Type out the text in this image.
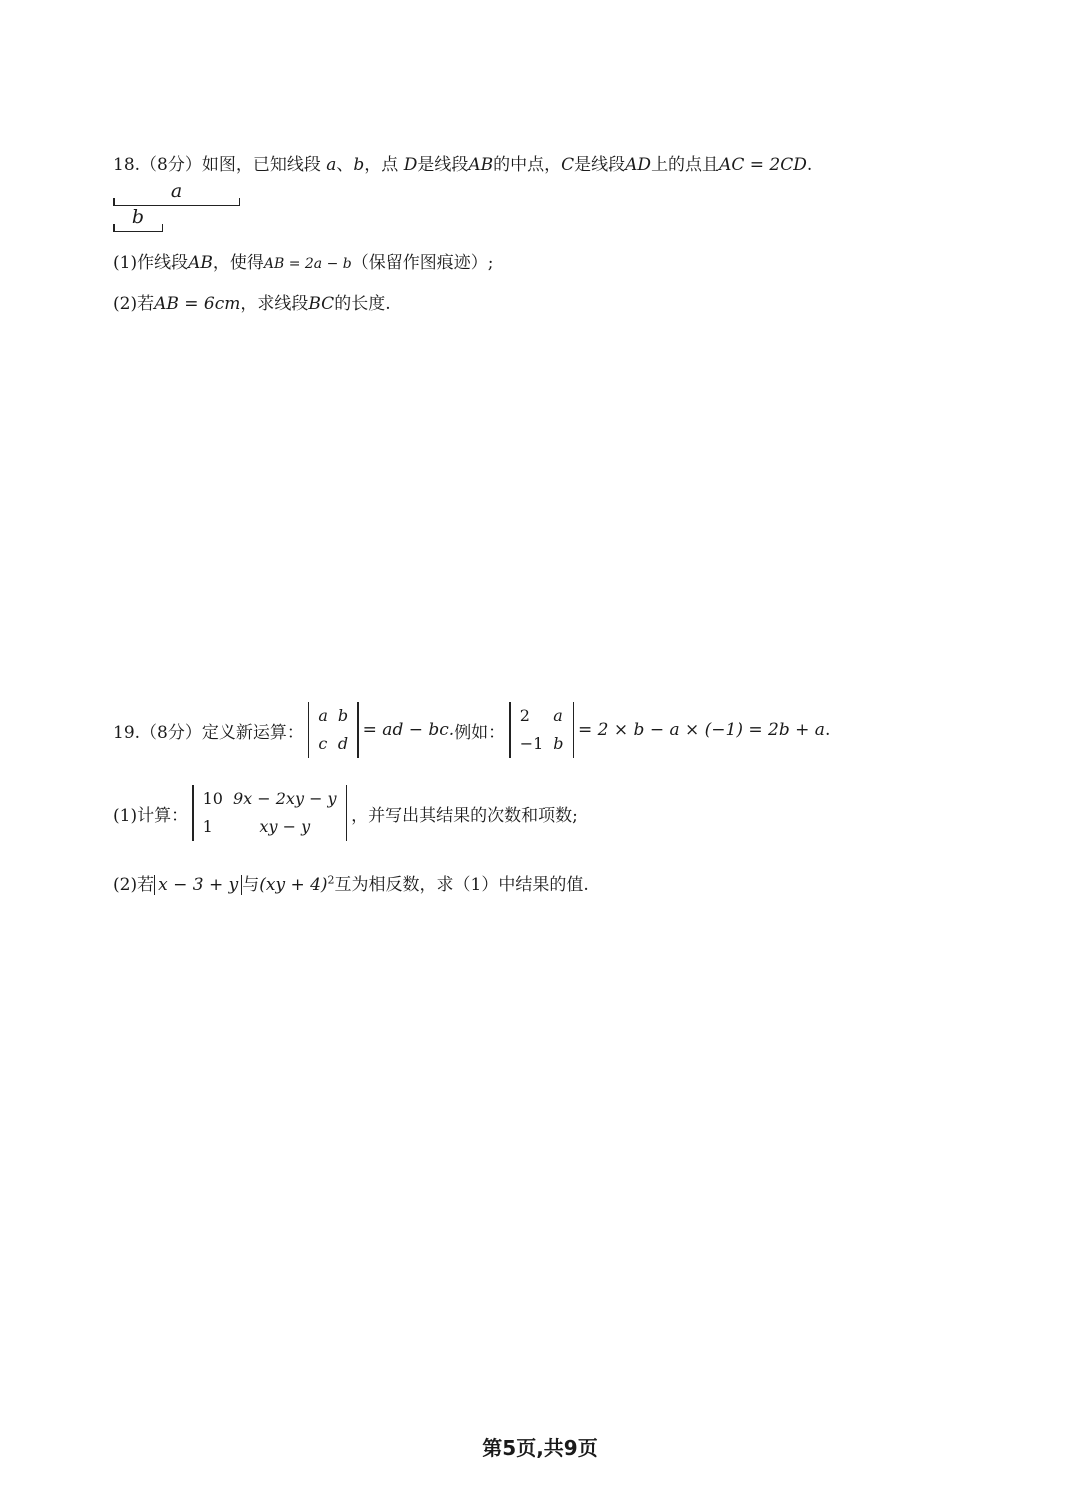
18.（8分）如图，已知线段 a、b，点 D是线段AB的中点，C是线段AD上的点且AC = 2CD.
a
b
(1)作线段AB，使得AB = 2a − b（保留作图痕迹）;
(2)若AB = 6cm，求线段BC的长度.
19.（8分）定义新运算：
a	b
c	d
= ad − bc. 例如：
2	a
−1	b
= 2 × b − a × (−1) = 2b + a .
(1)计算：
10	9x − 2xy − y
1	xy − y
，并写出其结果的次数和项数;
(2)若 x − 3 + y 与(xy + 4)$^2$互为相反数，求（1）中结果的值.
第5页,共9页
